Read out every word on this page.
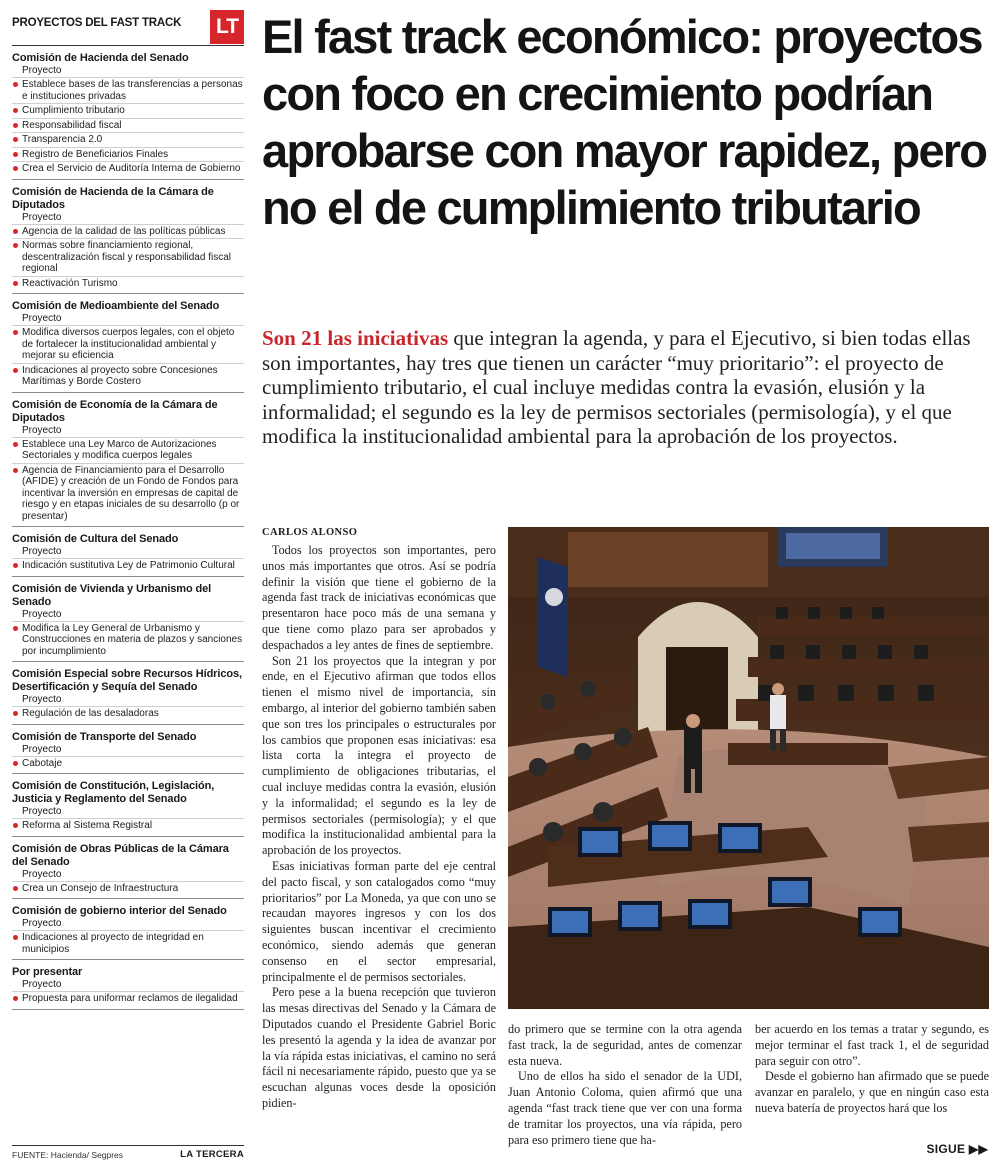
PROYECTOS DEL FAST TRACK LT
Comisión de Hacienda del Senado
Proyecto
Establece bases de las transferencias a personas e instituciones privadas
Cumplimiento tributario
Responsabilidad fiscal
Transparencia 2.0
Registro de Beneficiarios Finales
Crea el Servicio de Auditoría Interna de Gobierno
Comisión de Hacienda de la Cámara de Diputados
Proyecto
Agencia de la calidad de las políticas públicas
Normas sobre financiamiento regional, descentralización fiscal y responsabilidad fiscal regional
Reactivación Turismo
Comisión de Medioambiente del Senado
Proyecto
Modifica diversos cuerpos legales, con el objeto de fortalecer la institucionalidad ambiental y mejorar su eficiencia
Indicaciones al proyecto sobre Concesiones Marítimas y Borde Costero
Comisión de Economía de la Cámara de Diputados
Proyecto
Establece una Ley Marco de Autorizaciones Sectoriales y modifica cuerpos legales
Agencia de Financiamiento para el Desarrollo (AFIDE) y creación de un Fondo de Fondos para incentivar la inversión en empresas de capital de riesgo y en etapas iniciales de su desarrollo (p or presentar)
Comisión de Cultura del Senado
Proyecto
Indicación sustitutiva Ley de Patrimonio Cultural
Comisión de Vivienda y Urbanismo del Senado
Proyecto
Modifica la Ley General de Urbanismo y Construcciones en materia de plazos y sanciones por incumplimiento
Comisión Especial sobre Recursos Hídricos, Desertificación y Sequía del Senado
Proyecto
Regulación de las desaladoras
Comisión de Transporte del Senado
Proyecto
Cabotaje
Comisión de Constitución, Legislación, Justicia y Reglamento del Senado
Proyecto
Reforma al Sistema Registral
Comisión de Obras Públicas de la Cámara del Senado
Proyecto
Crea un Consejo de Infraestructura
Comisión de gobierno interior del Senado
Proyecto
Indicaciones al proyecto de integridad en municipios
Por presentar
Proyecto
Propuesta para uniformar reclamos de ilegalidad
FUENTE: Hacienda/ Segpres	LA TERCERA
El fast track económico: proyectos con foco en crecimiento podrían aprobarse con mayor rapidez, pero no el de cumplimiento tributario

Son 21 las iniciativas que integran la agenda, y para el Ejecutivo, si bien todas ellas son importantes, hay tres que tienen un carácter “muy prioritario”: el proyecto de cumplimiento tributario, el cual incluye medidas contra la evasión, elusión y la informalidad; el segundo es la ley de permisos sectoriales (permisología), y el que modifica la institucionalidad ambiental para la aprobación de los proyectos.

CARLOS ALONSO

Todos los proyectos son importantes, pero unos más importantes que otros. Así se podría definir la visión que tiene el gobierno de la agenda fast track de iniciativas económicas que presentaron hace poco más de una semana y que tiene como plazo para ser aprobados y despachados a ley antes de fines de septiembre.

Son 21 los proyectos que la integran y por ende, en el Ejecutivo afirman que todos ellos tienen el mismo nivel de importancia, sin embargo, al interior del gobierno también saben que son tres los principales o estructurales por los cambios que proponen esas iniciativas: esa lista corta la integra el proyecto de cumplimiento de obligaciones tributarias, el cual incluye medidas contra la evasión, elusión y la informalidad; el segundo es la ley de permisos sectoriales (permisología); y el que modifica la institucionalidad ambiental para la aprobación de los proyectos.

Esas iniciativas forman parte del eje central del pacto fiscal, y son catalogados como “muy prioritarios” por La Moneda, ya que con uno se recaudan mayores ingresos y con los dos siguientes buscan incentivar el crecimiento económico, siendo además que generan consenso en el sector empresarial, principalmente el de permisos sectoriales.

Pero pese a la buena recepción que tuvieron las mesas directivas del Senado y la Cámara de Diputados cuando el Presidente Gabriel Boric les presentó la agenda y la idea de avanzar por la vía rápida estas iniciativas, el camino no será fácil ni necesariamente rápido, puesto que ya se escuchan algunas voces desde la oposición pidien-

do primero que se termine con la otra agenda fast track, la de seguridad, antes de comenzar esta nueva.

Uno de ellos ha sido el senador de la UDI, Juan Antonio Coloma, quien afirmó que una agenda “fast track tiene que ver con una forma de tramitar los proyectos, una vía rápida, pero para eso primero tiene que ha-

ber acuerdo en los temas a tratar y segundo, es mejor terminar el fast track 1, el de seguridad para seguir con otro”.

Desde el gobierno han afirmado que se puede avanzar en paralelo, y que en ningún caso esta nueva batería de proyectos hará que los

SIGUE ▶▶
